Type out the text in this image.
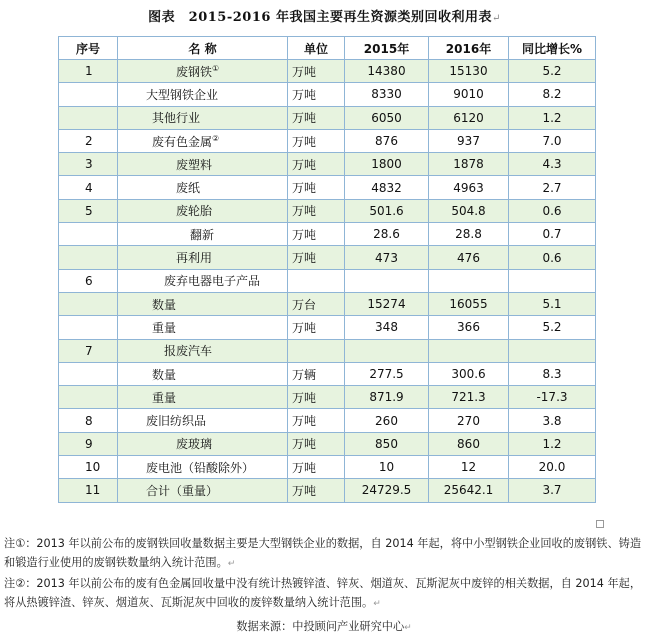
图表　2015-2016 年我国主要再生资源类别回收利用表↵
序号	名 称	单位	2015年	2016年	同比增长%
1	废钢铁①	万吨	14380	15130	5.2
	大型钢铁企业	万吨	8330	9010	8.2
	其他行业	万吨	6050	6120	1.2
2	废有色金属②	万吨	876	937	7.0
3	废塑料	万吨	1800	1878	4.3
4	废纸	万吨	4832	4963	2.7
5	废轮胎	万吨	501.6	504.8	0.6
	翻新	万吨	28.6	28.8	0.7
	再利用	万吨	473	476	0.6
6	废弃电器电子产品				
	数量	万台	15274	16055	5.1
	重量	万吨	348	366	5.2
7	报废汽车				
	数量	万辆	277.5	300.6	8.3
	重量	万吨	871.9	721.3	-17.3
8	废旧纺织品	万吨	260	270	3.8
9	废玻璃	万吨	850	860	1.2
10	废电池（铅酸除外）	万吨	10	12	20.0
11	合计（重量）	万吨	24729.5	25642.1	3.7

注①：2013 年以前公布的废钢铁回收量数据主要是大型钢铁企业的数据，自 2014 年起，将中小型钢铁企业回收的废钢铁、铸造和锻造行业使用的废钢铁数量纳入统计范围。↵

注②：2013 年以前公布的废有色金属回收量中没有统计热镀锌渣、锌灰、烟道灰、瓦斯泥灰中废锌的相关数据，自 2014 年起，将从热镀锌渣、锌灰、烟道灰、瓦斯泥灰中回收的废锌数量纳入统计范围。↵

数据来源：中投顾问产业研究中心↵
